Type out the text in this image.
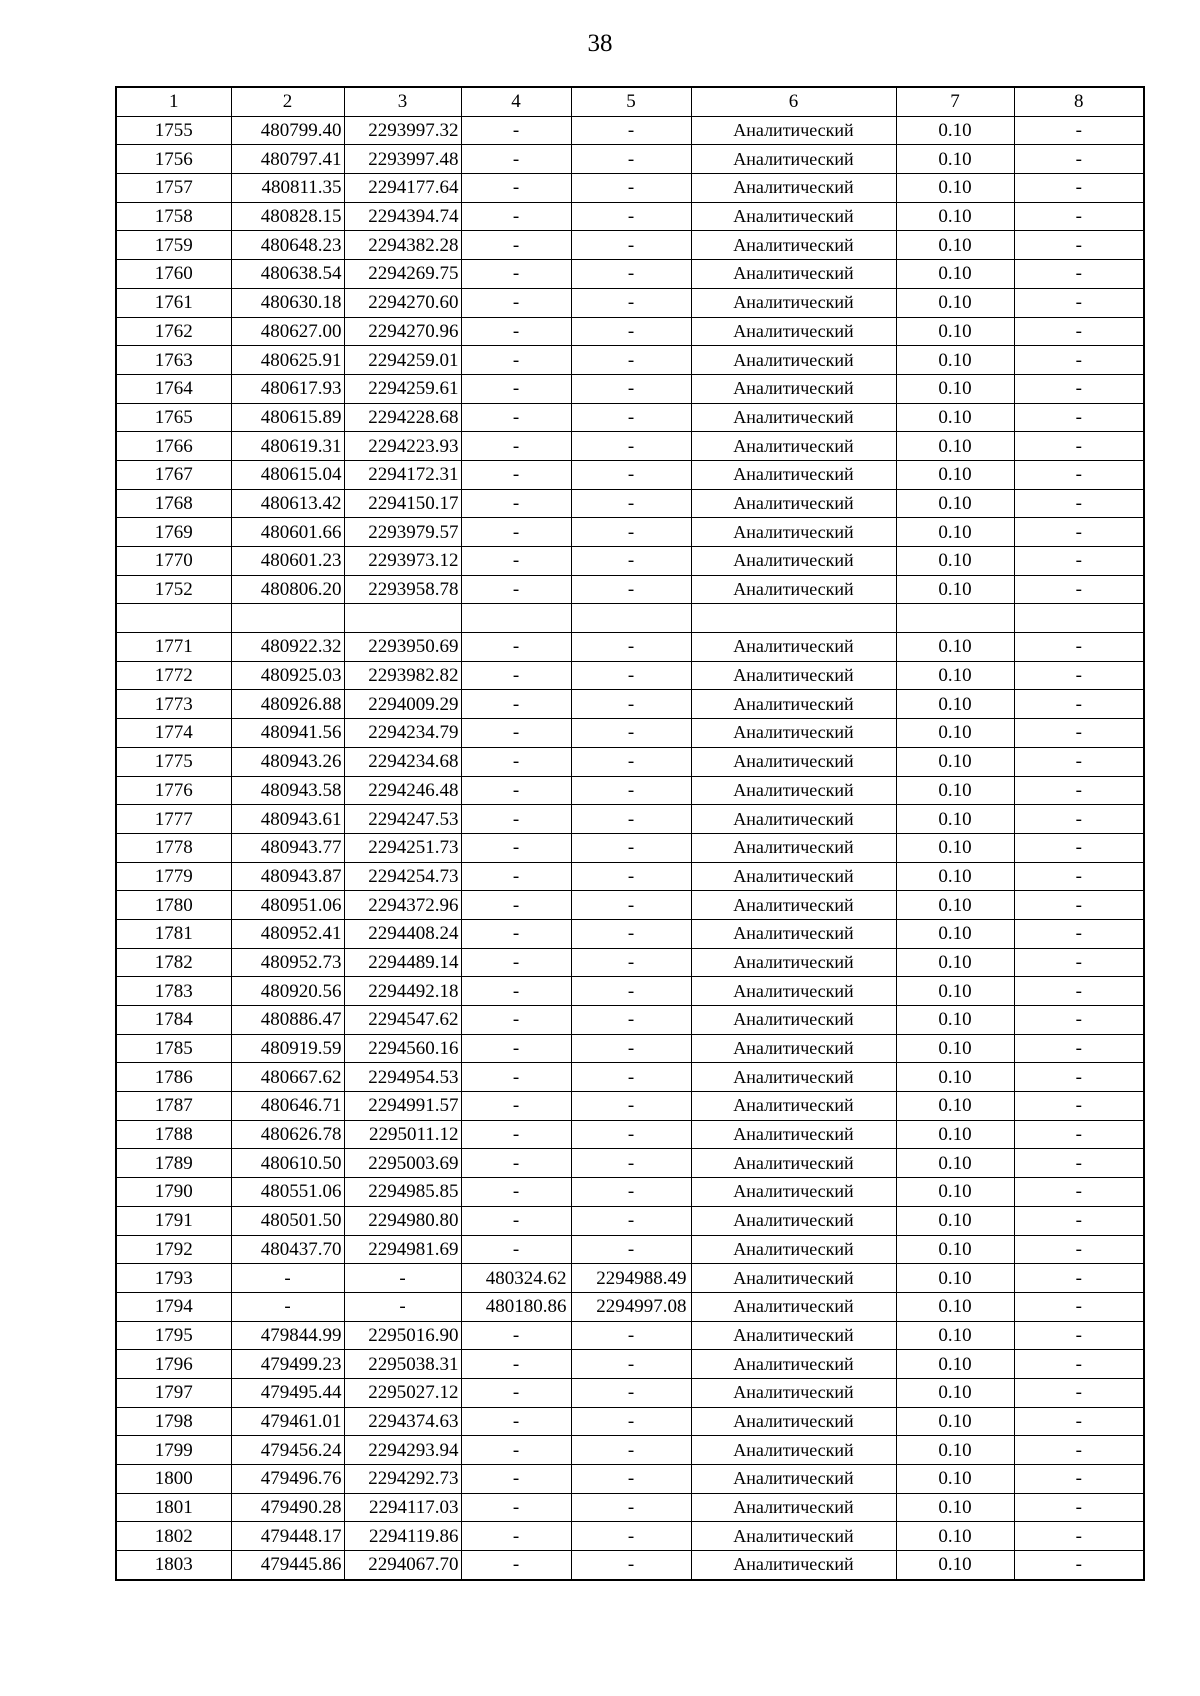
38
1	2	3	4	5	6	7	8
1755	480799.40	2293997.32	-	-	Аналитический	0.10	-
1756	480797.41	2293997.48	-	-	Аналитический	0.10	-
1757	480811.35	2294177.64	-	-	Аналитический	0.10	-
1758	480828.15	2294394.74	-	-	Аналитический	0.10	-
1759	480648.23	2294382.28	-	-	Аналитический	0.10	-
1760	480638.54	2294269.75	-	-	Аналитический	0.10	-
1761	480630.18	2294270.60	-	-	Аналитический	0.10	-
1762	480627.00	2294270.96	-	-	Аналитический	0.10	-
1763	480625.91	2294259.01	-	-	Аналитический	0.10	-
1764	480617.93	2294259.61	-	-	Аналитический	0.10	-
1765	480615.89	2294228.68	-	-	Аналитический	0.10	-
1766	480619.31	2294223.93	-	-	Аналитический	0.10	-
1767	480615.04	2294172.31	-	-	Аналитический	0.10	-
1768	480613.42	2294150.17	-	-	Аналитический	0.10	-
1769	480601.66	2293979.57	-	-	Аналитический	0.10	-
1770	480601.23	2293973.12	-	-	Аналитический	0.10	-
1752	480806.20	2293958.78	-	-	Аналитический	0.10	-

1771	480922.32	2293950.69	-	-	Аналитический	0.10	-
1772	480925.03	2293982.82	-	-	Аналитический	0.10	-
1773	480926.88	2294009.29	-	-	Аналитический	0.10	-
1774	480941.56	2294234.79	-	-	Аналитический	0.10	-
1775	480943.26	2294234.68	-	-	Аналитический	0.10	-
1776	480943.58	2294246.48	-	-	Аналитический	0.10	-
1777	480943.61	2294247.53	-	-	Аналитический	0.10	-
1778	480943.77	2294251.73	-	-	Аналитический	0.10	-
1779	480943.87	2294254.73	-	-	Аналитический	0.10	-
1780	480951.06	2294372.96	-	-	Аналитический	0.10	-
1781	480952.41	2294408.24	-	-	Аналитический	0.10	-
1782	480952.73	2294489.14	-	-	Аналитический	0.10	-
1783	480920.56	2294492.18	-	-	Аналитический	0.10	-
1784	480886.47	2294547.62	-	-	Аналитический	0.10	-
1785	480919.59	2294560.16	-	-	Аналитический	0.10	-
1786	480667.62	2294954.53	-	-	Аналитический	0.10	-
1787	480646.71	2294991.57	-	-	Аналитический	0.10	-
1788	480626.78	2295011.12	-	-	Аналитический	0.10	-
1789	480610.50	2295003.69	-	-	Аналитический	0.10	-
1790	480551.06	2294985.85	-	-	Аналитический	0.10	-
1791	480501.50	2294980.80	-	-	Аналитический	0.10	-
1792	480437.70	2294981.69	-	-	Аналитический	0.10	-
1793	-	-	480324.62	2294988.49	Аналитический	0.10	-
1794	-	-	480180.86	2294997.08	Аналитический	0.10	-
1795	479844.99	2295016.90	-	-	Аналитический	0.10	-
1796	479499.23	2295038.31	-	-	Аналитический	0.10	-
1797	479495.44	2295027.12	-	-	Аналитический	0.10	-
1798	479461.01	2294374.63	-	-	Аналитический	0.10	-
1799	479456.24	2294293.94	-	-	Аналитический	0.10	-
1800	479496.76	2294292.73	-	-	Аналитический	0.10	-
1801	479490.28	2294117.03	-	-	Аналитический	0.10	-
1802	479448.17	2294119.86	-	-	Аналитический	0.10	-
1803	479445.86	2294067.70	-	-	Аналитический	0.10	-
